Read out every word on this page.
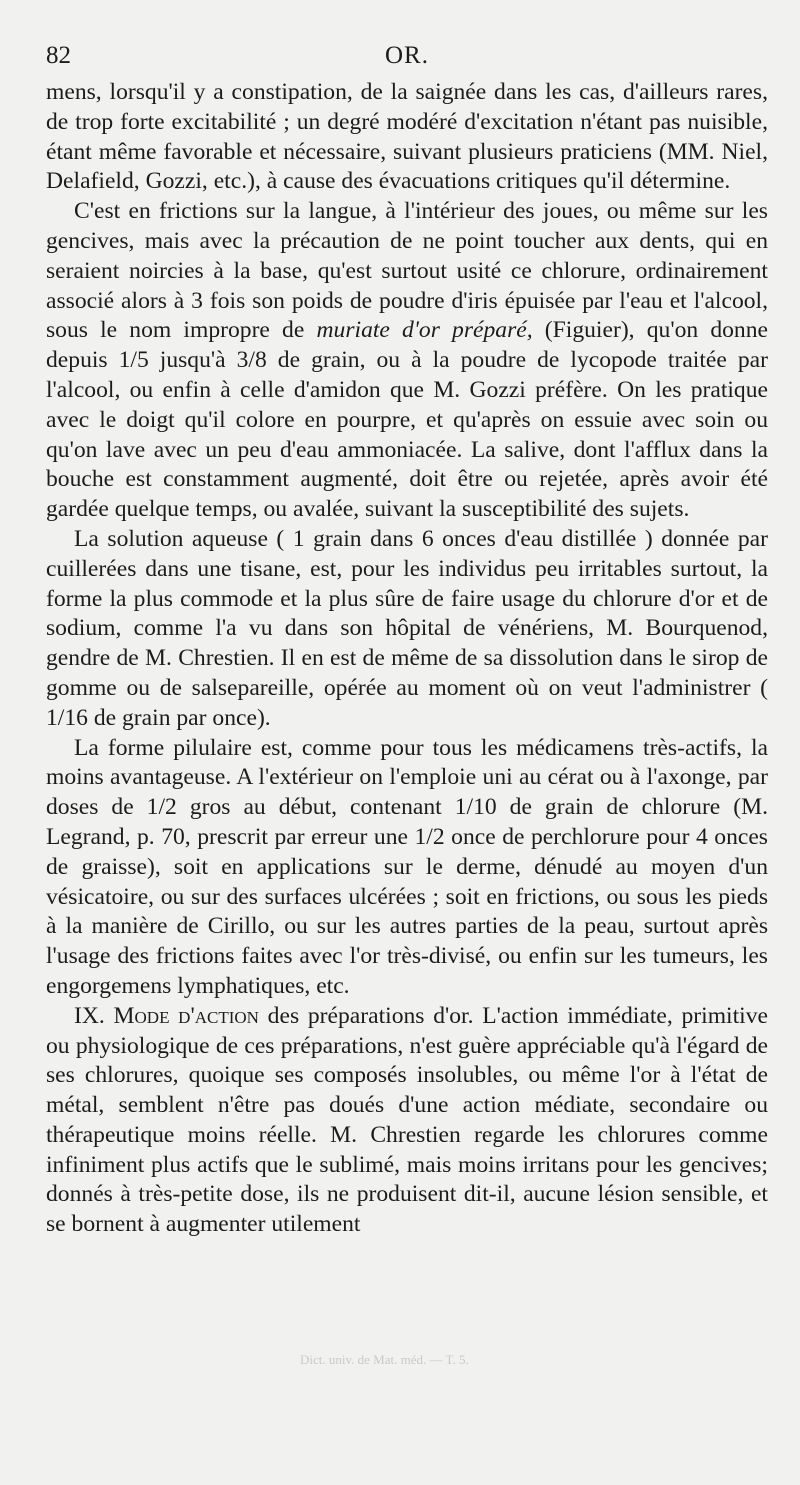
82	OR.

mens, lorsqu'il y a constipation, de la saignée dans les cas, d'ailleurs rares, de trop forte excitabilité ; un degré modéré d'excitation n'étant pas nuisible, étant même favorable et nécessaire, suivant plusieurs praticiens (MM. Niel, Delafield, Gozzi, etc.), à cause des évacuations critiques qu'il détermine.

C'est en frictions sur la langue, à l'intérieur des joues, ou même sur les gencives, mais avec la précaution de ne point toucher aux dents, qui en seraient noircies à la base, qu'est surtout usité ce chlorure, ordinairement associé alors à 3 fois son poids de poudre d'iris épuisée par l'eau et l'alcool, sous le nom impropre de muriate d'or préparé, (Figuier), qu'on donne depuis 1/5 jusqu'à 3/8 de grain, ou à la poudre de lycopode traitée par l'alcool, ou enfin à celle d'amidon que M. Gozzi préfère. On les pratique avec le doigt qu'il colore en pourpre, et qu'après on essuie avec soin ou qu'on lave avec un peu d'eau ammoniacée. La salive, dont l'afflux dans la bouche est constamment augmenté, doit être ou rejetée, après avoir été gardée quelque temps, ou avalée, suivant la susceptibilité des sujets.

La solution aqueuse ( 1 grain dans 6 onces d'eau distillée ) donnée par cuillerées dans une tisane, est, pour les individus peu irritables surtout, la forme la plus commode et la plus sûre de faire usage du chlorure d'or et de sodium, comme l'a vu dans son hôpital de vénériens, M. Bourquenod, gendre de M. Chrestien. Il en est de même de sa dissolution dans le sirop de gomme ou de salsepareille, opérée au moment où on veut l'administrer ( 1/16 de grain par once).

La forme pilulaire est, comme pour tous les médicamens très-actifs, la moins avantageuse. A l'extérieur on l'emploie uni au cérat ou à l'axonge, par doses de 1/2 gros au début, contenant 1/10 de grain de chlorure (M. Legrand, p. 70, prescrit par erreur une 1/2 once de perchlorure pour 4 onces de graisse), soit en applications sur le derme, dénudé au moyen d'un vésicatoire, ou sur des surfaces ulcérées ; soit en frictions, ou sous les pieds à la manière de Cirillo, ou sur les autres parties de la peau, surtout après l'usage des frictions faites avec l'or très-divisé, ou enfin sur les tumeurs, les engorgemens lymphatiques, etc.

IX. Mode d'action des préparations d'or. L'action immédiate, primitive ou physiologique de ces préparations, n'est guère appréciable qu'à l'égard de ses chlorures, quoique ses composés insolubles, ou même l'or à l'état de métal, semblent n'être pas doués d'une action médiate, secondaire ou thérapeutique moins réelle. M. Chrestien regarde les chlorures comme infiniment plus actifs que le sublimé, mais moins irritans pour les gencives; donnés à très-petite dose, ils ne produisent dit-il, aucune lésion sensible, et se bornent à augmenter utilement

Dict. univ. de Mat. méd. — T. 5.
